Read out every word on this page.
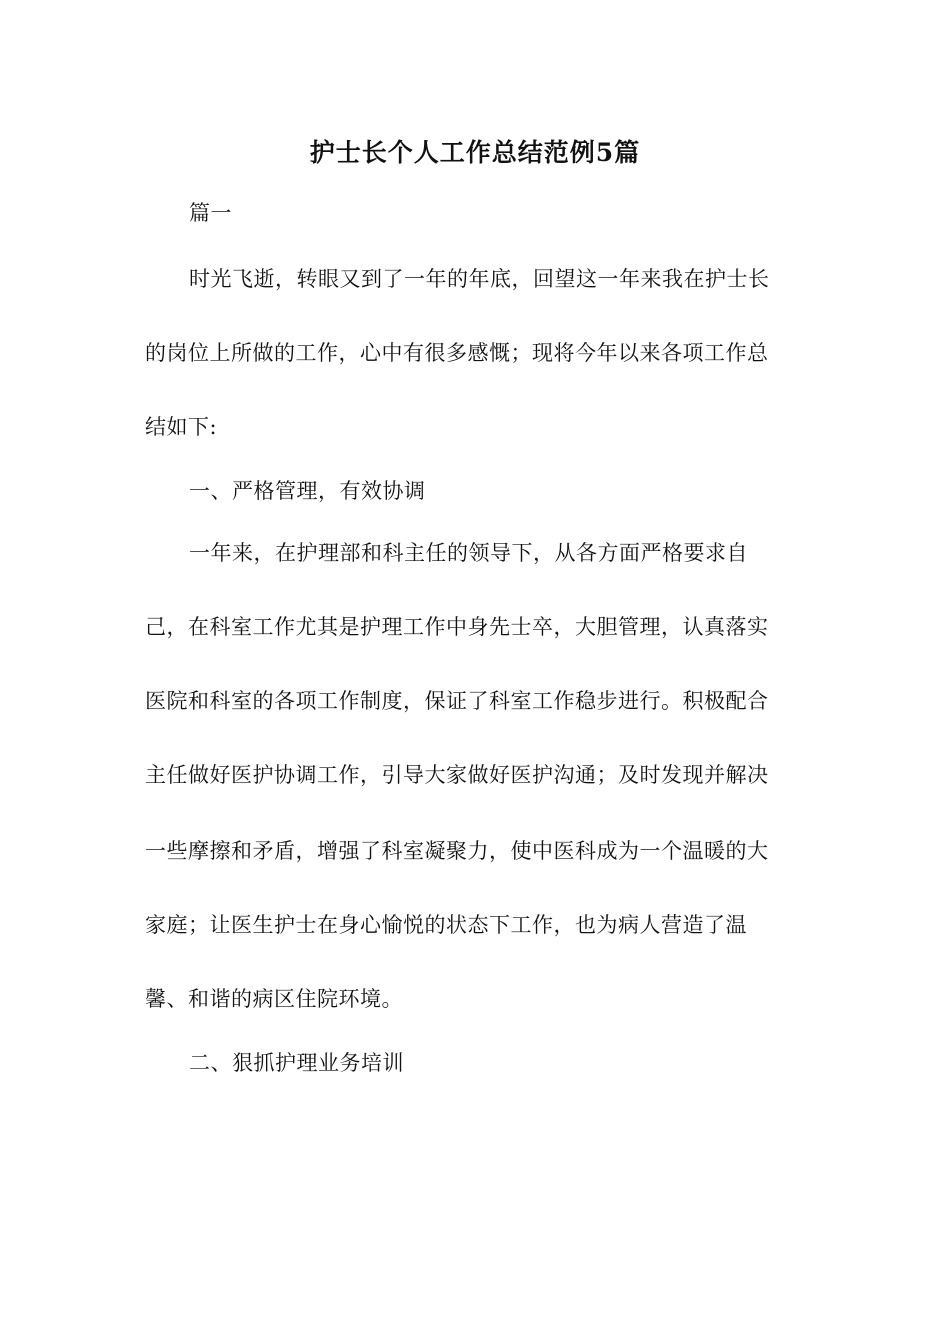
护士长个人工作总结范例5篇

篇一

时光飞逝，转眼又到了一年的年底，回望这一年来我在护士长

的岗位上所做的工作，心中有很多感慨；现将今年以来各项工作总

结如下:

一、严格管理，有效协调

一年来，在护理部和科主任的领导下，从各方面严格要求自

己，在科室工作尤其是护理工作中身先士卒，大胆管理，认真落实

医院和科室的各项工作制度，保证了科室工作稳步进行。积极配合

主任做好医护协调工作，引导大家做好医护沟通；及时发现并解决

一些摩擦和矛盾，增强了科室凝聚力，使中医科成为一个温暖的大

家庭；让医生护士在身心愉悦的状态下工作，也为病人营造了温

馨、和谐的病区住院环境。

二、狠抓护理业务培训
